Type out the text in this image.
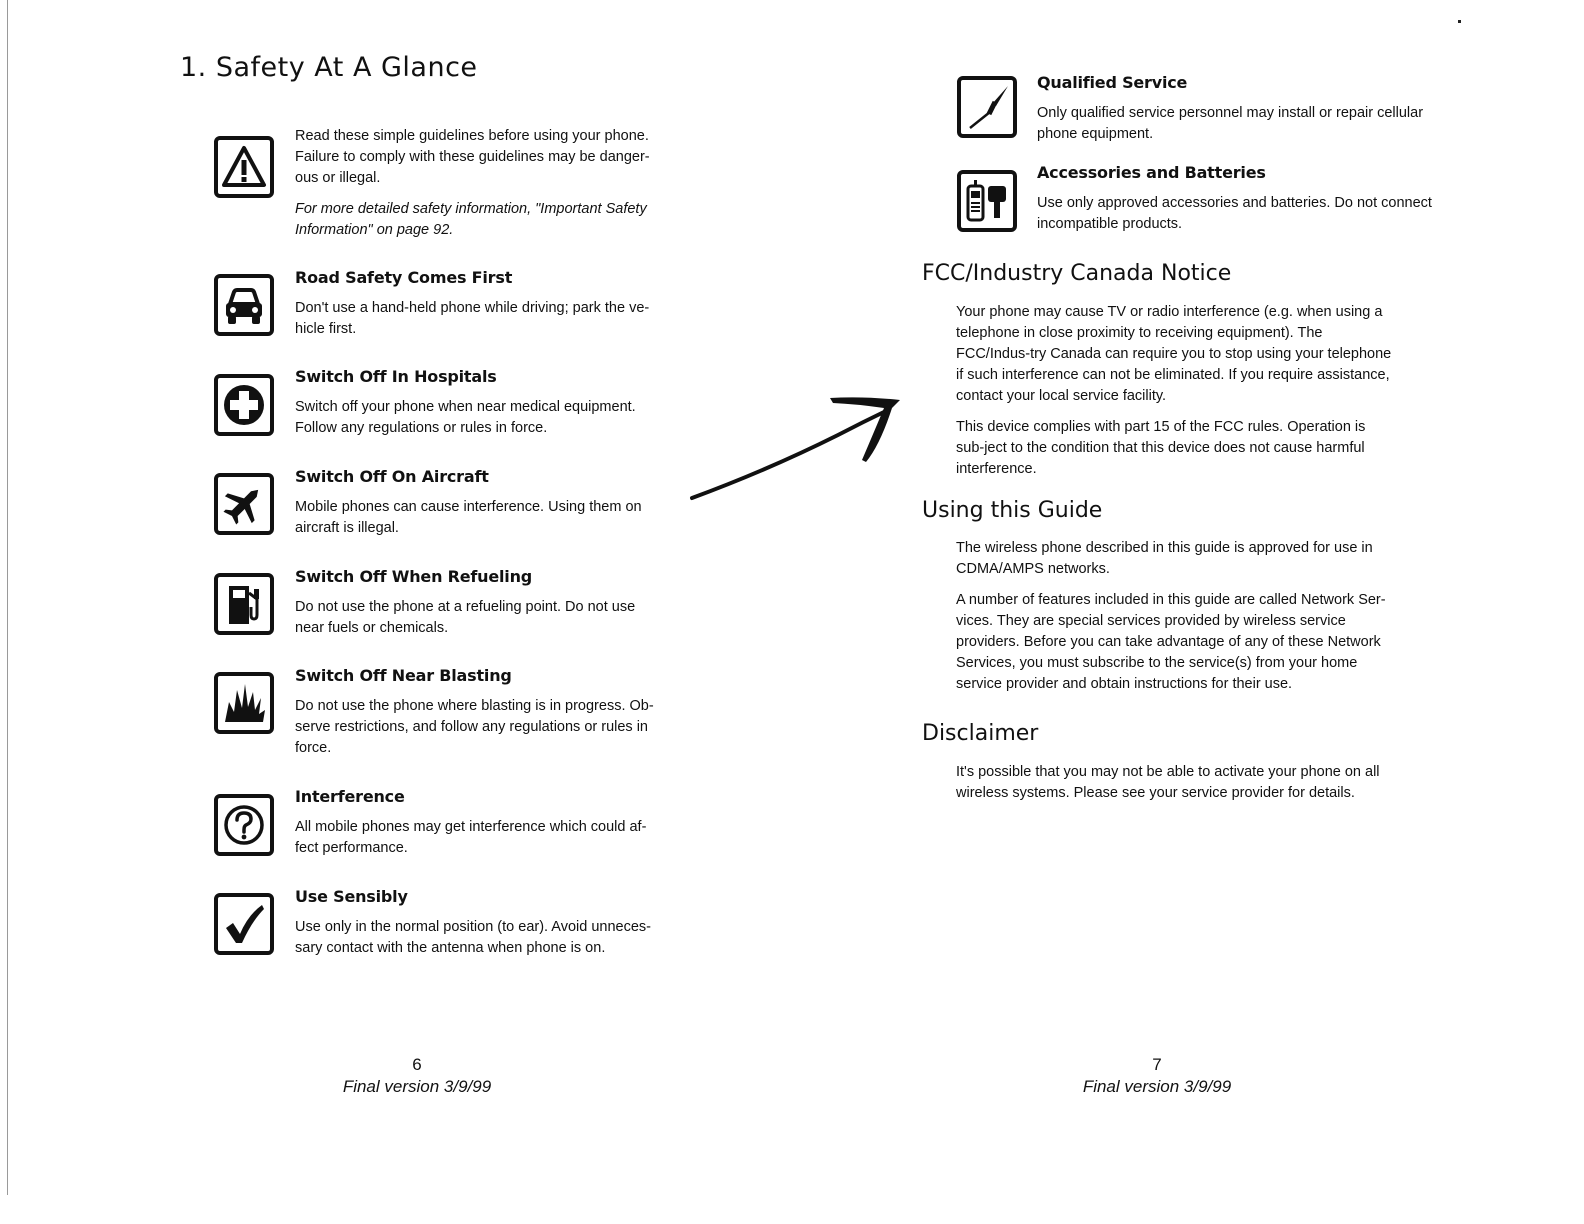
1. Safety At A Glance

Read these simple guidelines before using your phone. Failure to comply with these guidelines may be danger-ous or illegal.

For more detailed safety information, "Important Safety Information" on page 92.

Road Safety Comes First

Don't use a hand-held phone while driving; park the ve-hicle first.

Switch Off In Hospitals

Switch off your phone when near medical equipment. Follow any regulations or rules in force.

Switch Off On Aircraft

Mobile phones can cause interference. Using them on aircraft is illegal.

Switch Off When Refueling

Do not use the phone at a refueling point. Do not use near fuels or chemicals.

Switch Off Near Blasting

Do not use the phone where blasting is in progress. Ob-serve restrictions, and follow any regulations or rules in force.

Interference

All mobile phones may get interference which could af-fect performance.

Use Sensibly

Use only in the normal position (to ear). Avoid unneces-sary contact with the antenna when phone is on.

6
Final version 3/9/99

Qualified Service

Only qualified service personnel may install or repair cellular phone equipment.

Accessories and Batteries

Use only approved accessories and batteries. Do not connect incompatible products.

FCC/Industry Canada Notice

Your phone may cause TV or radio interference (e.g. when using a telephone in close proximity to receiving equipment). The FCC/Indus-try Canada can require you to stop using your telephone if such interference can not be eliminated. If you require assistance, contact your local service facility.

This device complies with part 15 of the FCC rules. Operation is sub-ject to the condition that this device does not cause harmful interference.

Using this Guide

The wireless phone described in this guide is approved for use in CDMA/AMPS networks.

A number of features included in this guide are called Network Ser-vices. They are special services provided by wireless service providers. Before you can take advantage of any of these Network Services, you must subscribe to the service(s) from your home service provider and obtain instructions for their use.

Disclaimer

It's possible that you may not be able to activate your phone on all wireless systems. Please see your service provider for details.

7
Final version 3/9/99
